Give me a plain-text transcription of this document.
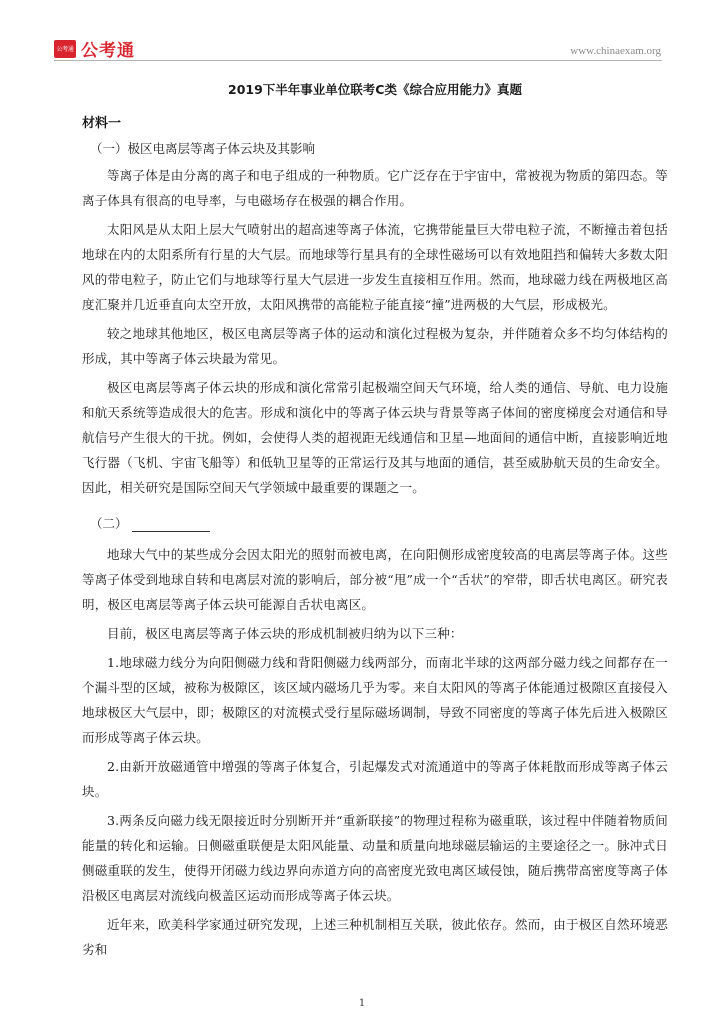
公考通 公考通	www.chinaexam.org
2019下半年事业单位联考C类《综合应用能力》真题
材料一
（一）极区电离层等离子体云块及其影响

等离子体是由分离的离子和电子组成的一种物质。它广泛存在于宇宙中，常被视为物质的第四态。等离子体具有很高的电导率，与电磁场存在极强的耦合作用。

太阳风是从太阳上层大气喷射出的超高速等离子体流，它携带能量巨大带电粒子流，不断撞击着包括地球在内的太阳系所有行星的大气层。而地球等行星具有的全球性磁场可以有效地阻挡和偏转大多数太阳风的带电粒子，防止它们与地球等行星大气层进一步发生直接相互作用。然而，地球磁力线在两极地区高度汇聚并几近垂直向太空开放，太阳风携带的高能粒子能直接“撞”进两极的大气层，形成极光。

较之地球其他地区，极区电离层等离子体的运动和演化过程极为复杂，并伴随着众多不均匀体结构的形成，其中等离子体云块最为常见。

极区电离层等离子体云块的形成和演化常常引起极端空间天气环境，给人类的通信、导航、电力设施和航天系统等造成很大的危害。形成和演化中的等离子体云块与背景等离子体间的密度梯度会对通信和导航信号产生很大的干扰。例如，会使得人类的超视距无线通信和卫星—地面间的通信中断，直接影响近地飞行器（飞机、宇宙飞船等）和低轨卫星等的正常运行及其与地面的通信，甚至威胁航天员的生命安全。因此，相关研究是国际空间天气学领域中最重要的课题之一。

（二）

地球大气中的某些成分会因太阳光的照射而被电离，在向阳侧形成密度较高的电离层等离子体。这些等离子体受到地球自转和电离层对流的影响后，部分被“甩”成一个“舌状”的窄带，即舌状电离区。研究表明，极区电离层等离子体云块可能源自舌状电离区。

目前，极区电离层等离子体云块的形成机制被归纳为以下三种：

1.地球磁力线分为向阳侧磁力线和背阳侧磁力线两部分，而南北半球的这两部分磁力线之间都存在一个漏斗型的区域，被称为极隙区，该区域内磁场几乎为零。来自太阳风的等离子体能通过极隙区直接侵入地球极区大气层中，即；极隙区的对流模式受行星际磁场调制，导致不同密度的等离子体先后进入极隙区而形成等离子体云块。

2.由新开放磁通管中增强的等离子体复合，引起爆发式对流通道中的等离子体耗散而形成等离子体云块。

3.两条反向磁力线无限接近时分别断开并“重新联接”的物理过程称为磁重联，该过程中伴随着物质间能量的转化和运输。日侧磁重联便是太阳风能量、动量和质量向地球磁层输运的主要途径之一。脉冲式日侧磁重联的发生，使得开闭磁力线边界向赤道方向的高密度光致电离区域侵蚀，随后携带高密度等离子体沿极区电离层对流线向极盖区运动而形成等离子体云块。

近年来，欧美科学家通过研究发现，上述三种机制相互关联，彼此依存。然而，由于极区自然环境恶劣和

1
